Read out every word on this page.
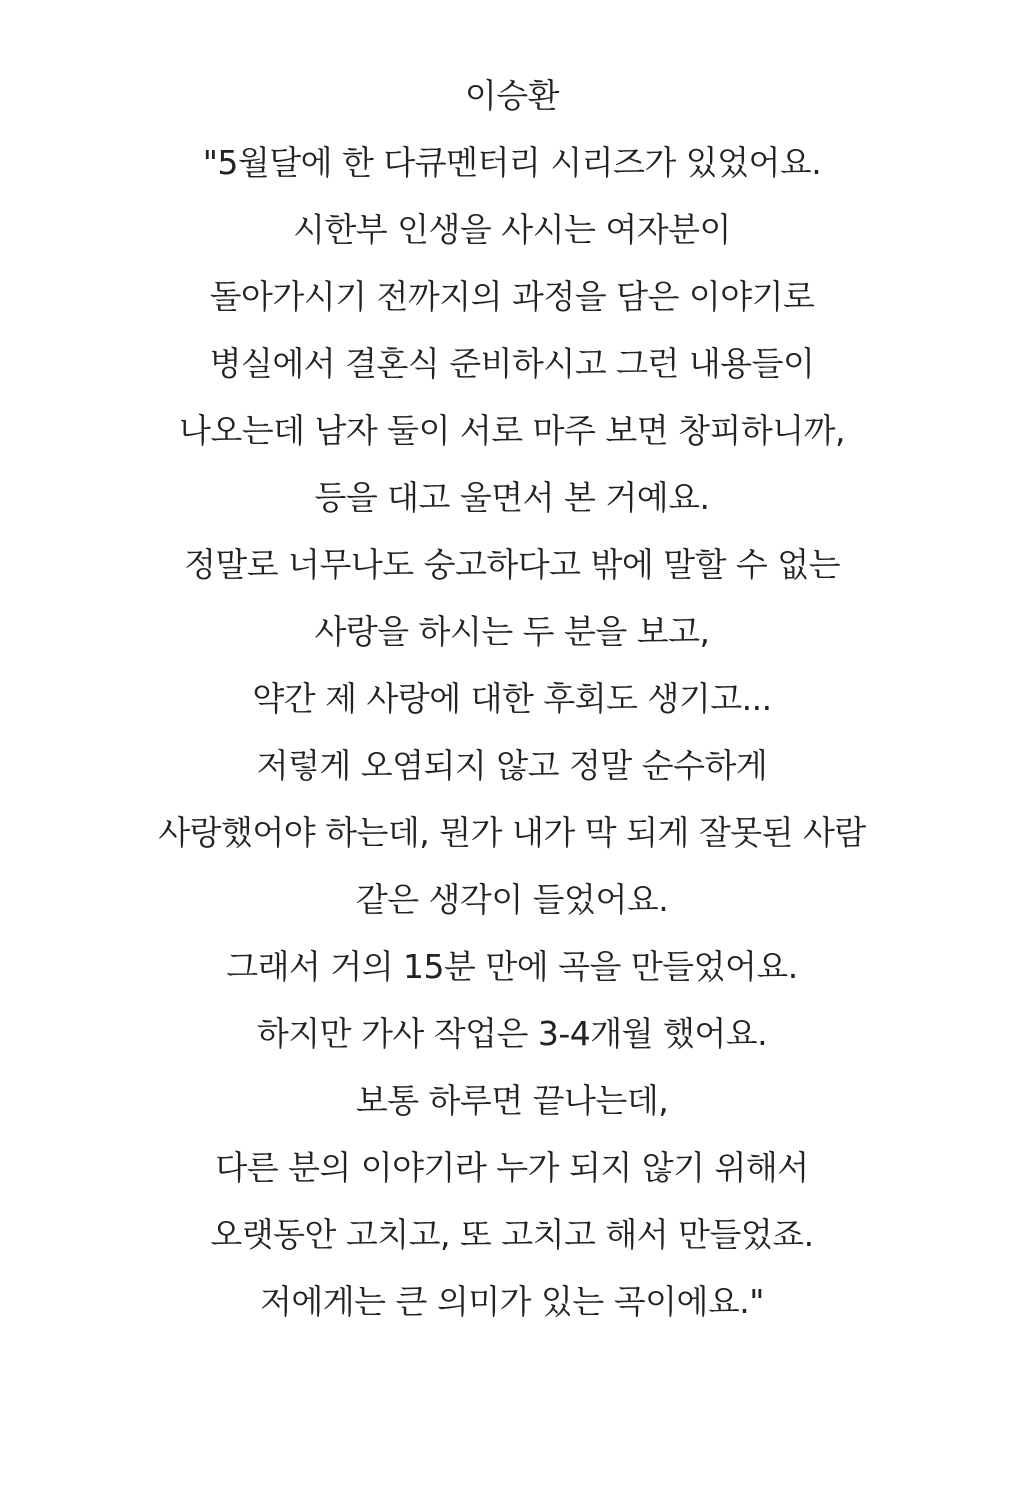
이승환
"5월달에 한 다큐멘터리 시리즈가 있었어요.
시한부 인생을 사시는 여자분이
돌아가시기 전까지의 과정을 담은 이야기로
병실에서 결혼식 준비하시고 그런 내용들이
나오는데 남자 둘이 서로 마주 보면 창피하니까,
등을 대고 울면서 본 거예요.
정말로 너무나도 숭고하다고 밖에 말할 수 없는
사랑을 하시는 두 분을 보고,
약간 제 사랑에 대한 후회도 생기고...
저렇게 오염되지 않고 정말 순수하게
사랑했어야 하는데, 뭔가 내가 막 되게 잘못된 사람
같은 생각이 들었어요.
그래서 거의 15분 만에 곡을 만들었어요.
하지만 가사 작업은 3-4개월 했어요.
보통 하루면 끝나는데,
다른 분의 이야기라 누가 되지 않기 위해서
오랫동안 고치고, 또 고치고 해서 만들었죠.
저에게는 큰 의미가 있는 곡이에요."
